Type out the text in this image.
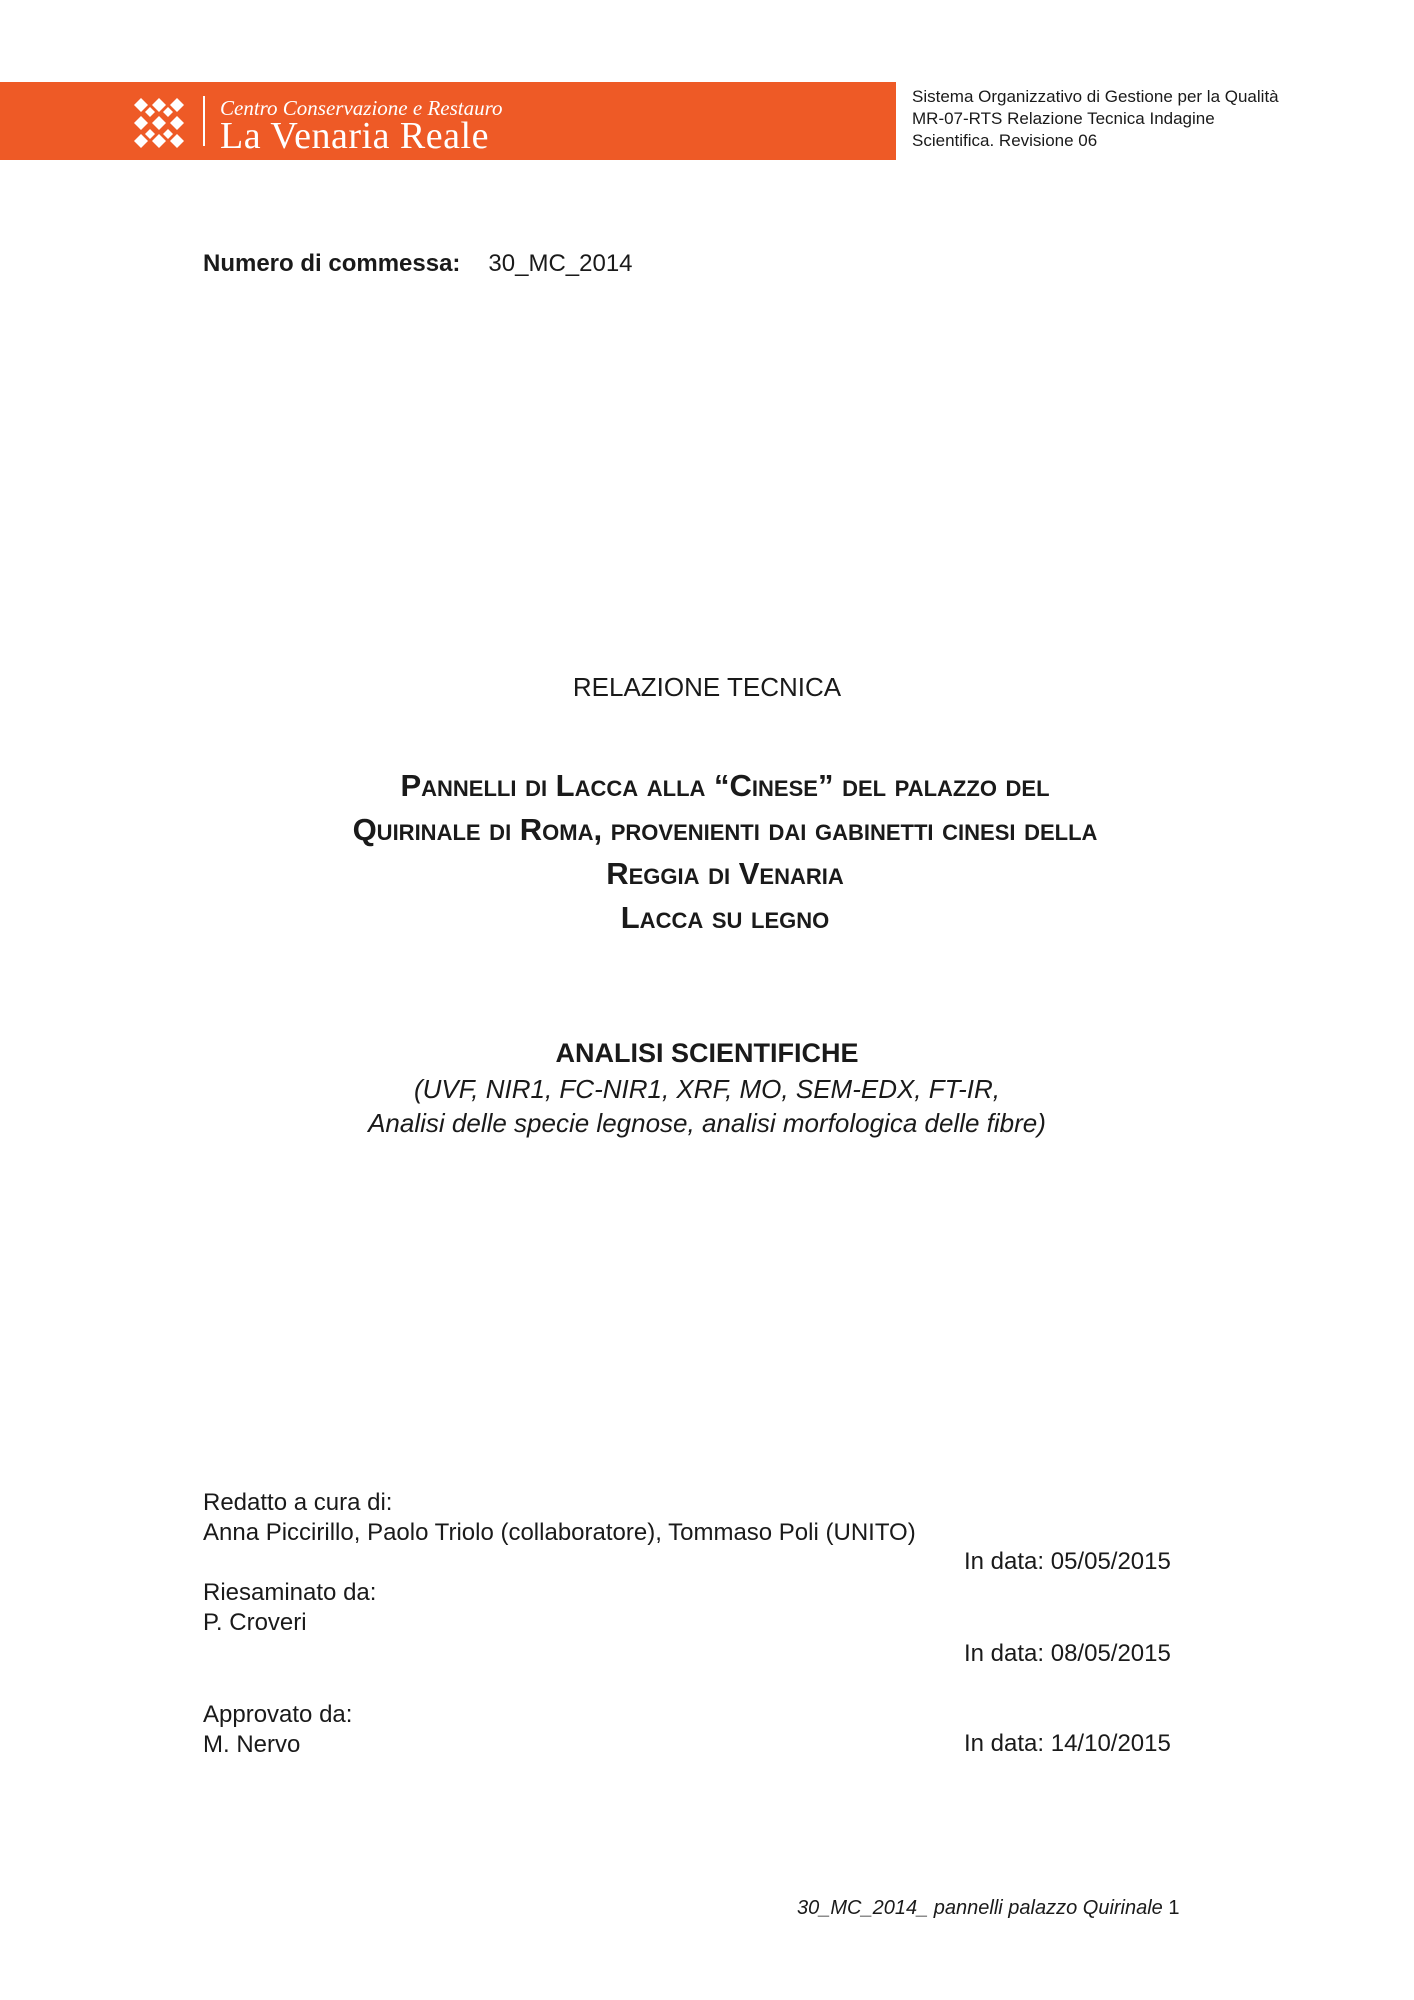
Centro Conservazione e Restauro
La Venaria Reale
Sistema Organizzativo di Gestione per la Qualità
MR-07-RTS Relazione Tecnica Indagine
Scientifica. Revisione 06
Numero di commessa: 30_MC_2014
RELAZIONE TECNICA
Pannelli di Lacca alla “Cinese” del palazzo del
Quirinale di Roma, provenienti dai gabinetti cinesi della
Reggia di Venaria
Lacca su legno
ANALISI SCIENTIFICHE
(UVF, NIR1, FC-NIR1, XRF, MO, SEM-EDX, FT-IR,
Analisi delle specie legnose, analisi morfologica delle fibre)
Redatto a cura di:
Anna Piccirillo, Paolo Triolo (collaboratore), Tommaso Poli (UNITO)
In data: 05/05/2015
Riesaminato da:
P. Croveri
In data: 08/05/2015
Approvato da:
M. Nervo	In data: 14/10/2015
30_MC_2014_ pannelli palazzo Quirinale 1
